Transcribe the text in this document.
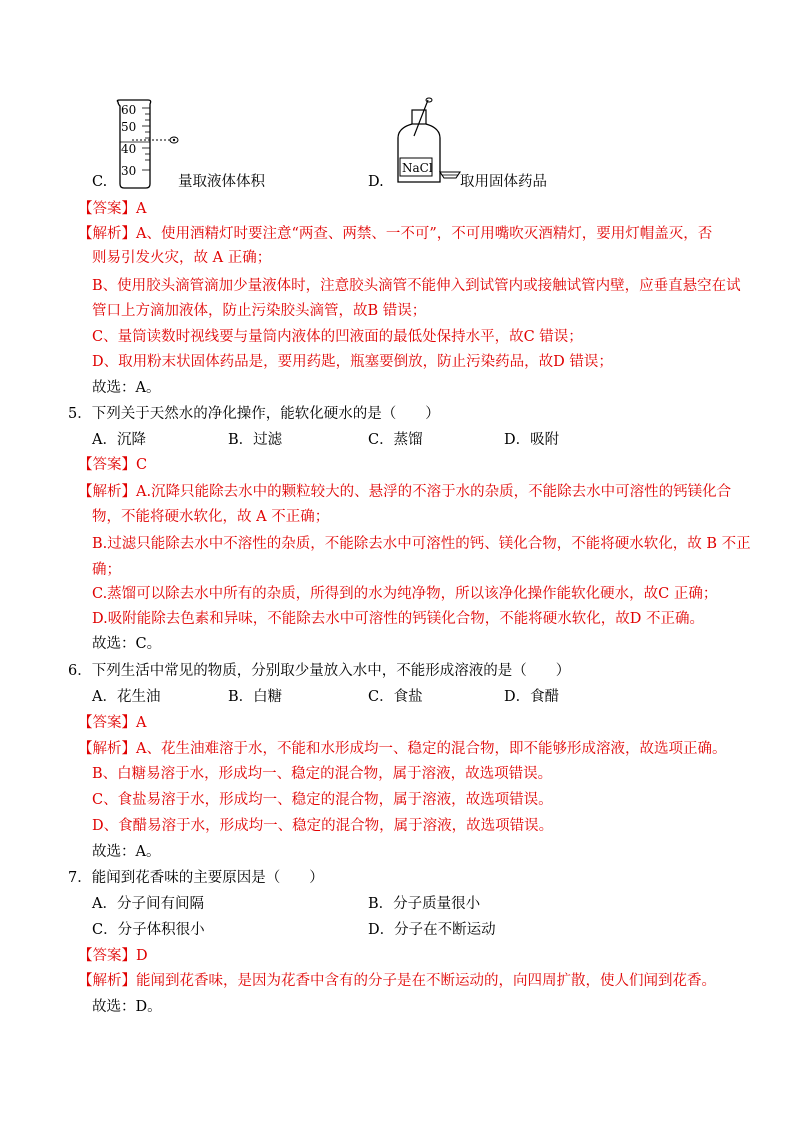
60
50
40
30	NaCl
C.	量取液体体积	D.	取用固体药品
【答案】A
【解析】A、使用酒精灯时要注意“两查、两禁、一不可”，不可用嘴吹灭酒精灯，要用灯帽盖灭，否
则易引发火灾，故 A 正确；
B、使用胶头滴管滴加少量液体时，注意胶头滴管不能伸入到试管内或接触试管内壁，应垂直悬空在试
管口上方滴加液体，防止污染胶头滴管，故B 错误；
C、量筒读数时视线要与量筒内液体的凹液面的最低处保持水平，故C 错误；
D、取用粉末状固体药品是，要用药匙，瓶塞要倒放，防止污染药品，故D 错误；
故选：A。
5．下列关于天然水的净化操作，能软化硬水的是（　　）
A．沉降	B．过滤	C．蒸馏	D．吸附
【答案】C
【解析】A.沉降只能除去水中的颗粒较大的、悬浮的不溶于水的杂质，不能除去水中可溶性的钙镁化合
物，不能将硬水软化，故 A 不正确；
B.过滤只能除去水中不溶性的杂质，不能除去水中可溶性的钙、镁化合物，不能将硬水软化，故 B 不正
确；
C.蒸馏可以除去水中所有的杂质，所得到的水为纯净物，所以该净化操作能软化硬水，故C 正确；
D.吸附能除去色素和异味，不能除去水中可溶性的钙镁化合物，不能将硬水软化，故D 不正确。
故选：C。
6．下列生活中常见的物质，分别取少量放入水中，不能形成溶液的是（　　）
A．花生油	B．白糖	C．食盐	D．食醋
【答案】A
【解析】A、花生油难溶于水，不能和水形成均一、稳定的混合物，即不能够形成溶液，故选项正确。
B、白糖易溶于水，形成均一、稳定的混合物，属于溶液，故选项错误。
C、食盐易溶于水，形成均一、稳定的混合物，属于溶液，故选项错误。
D、食醋易溶于水，形成均一、稳定的混合物，属于溶液，故选项错误。
故选：A。
7．能闻到花香味的主要原因是（　　）
A．分子间有间隔	B．分子质量很小
C．分子体积很小	D．分子在不断运动
【答案】D
【解析】能闻到花香味，是因为花香中含有的分子是在不断运动的，向四周扩散，使人们闻到花香。
故选：D。
